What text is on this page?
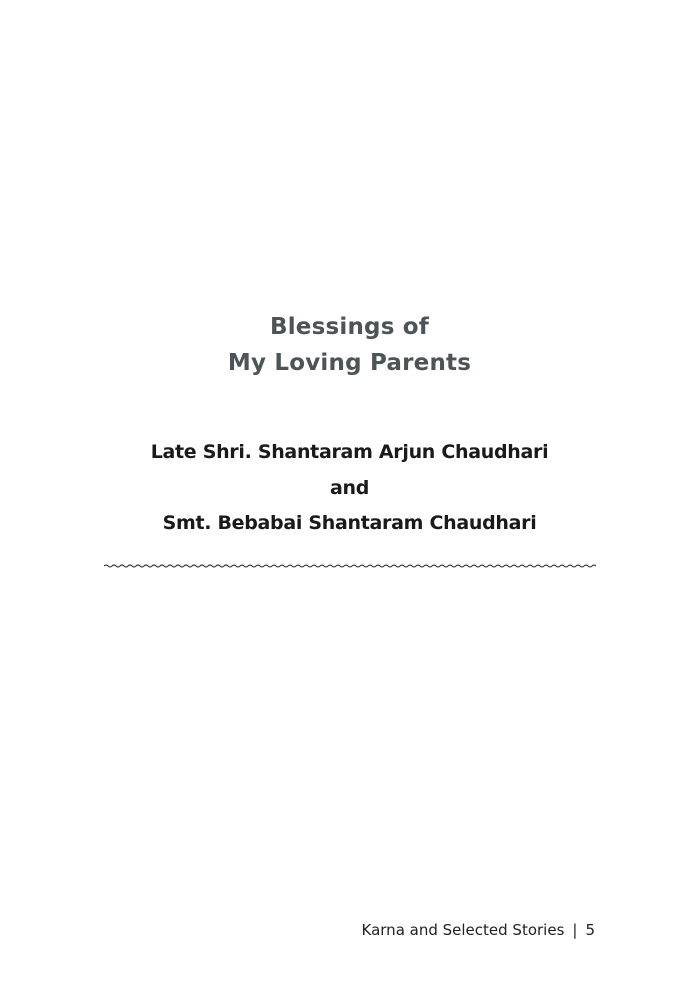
Blessings of
My Loving Parents
Late Shri. Shantaram Arjun Chaudhari
and
Smt. Bebabai Shantaram Chaudhari
Karna and Selected Stories | 5
